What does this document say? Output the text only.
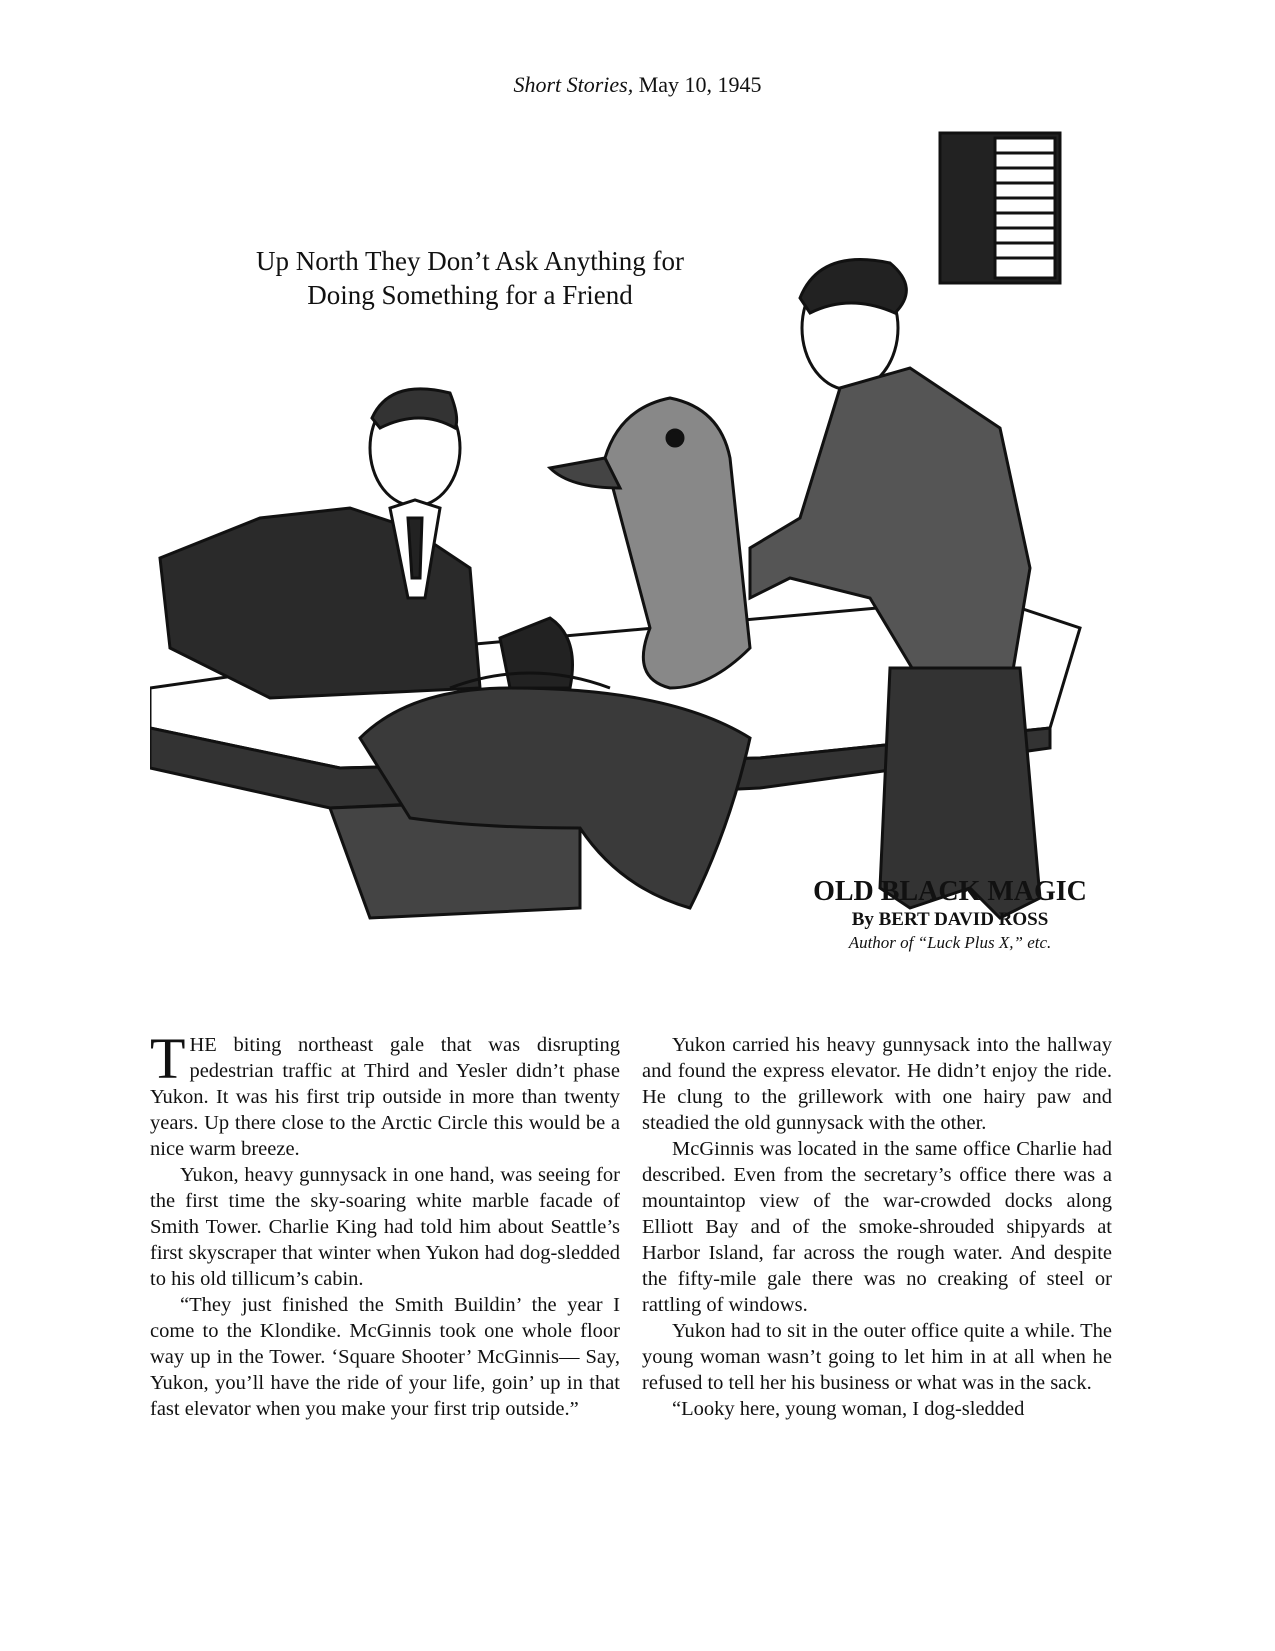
Short Stories, May 10, 1945
Up North They Don’t Ask Anything for
Doing Something for a Friend
OLD BLACK MAGIC
By BERT DAVID ROSS
Author of “Luck Plus X,” etc.

THE biting northeast gale that was disrupting pedestrian traffic at Third and Yesler didn’t phase Yukon. It was his first trip outside in more than twenty years. Up there close to the Arctic Circle this would be a nice warm breeze.

Yukon, heavy gunnysack in one hand, was seeing for the first time the sky-soaring white marble facade of Smith Tower. Charlie King had told him about Seattle’s first skyscraper that winter when Yukon had dog-sledded to his old tillicum’s cabin.

“They just finished the Smith Buildin’ the year I come to the Klondike. McGinnis took one whole floor way up in the Tower. ‘Square Shooter’ McGinnis— Say, Yukon, you’ll have the ride of your life, goin’ up in that fast elevator when you make your first trip outside.”

Yukon carried his heavy gunnysack into the hallway and found the express elevator. He didn’t enjoy the ride. He clung to the grillework with one hairy paw and steadied the old gunnysack with the other.

McGinnis was located in the same office Charlie had described. Even from the secretary’s office there was a mountaintop view of the war-crowded docks along Elliott Bay and of the smoke-shrouded shipyards at Harbor Island, far across the rough water. And despite the fifty-mile gale there was no creaking of steel or rattling of windows.

Yukon had to sit in the outer office quite a while. The young woman wasn’t going to let him in at all when he refused to tell her his business or what was in the sack.

“Looky here, young woman, I dog-sledded
